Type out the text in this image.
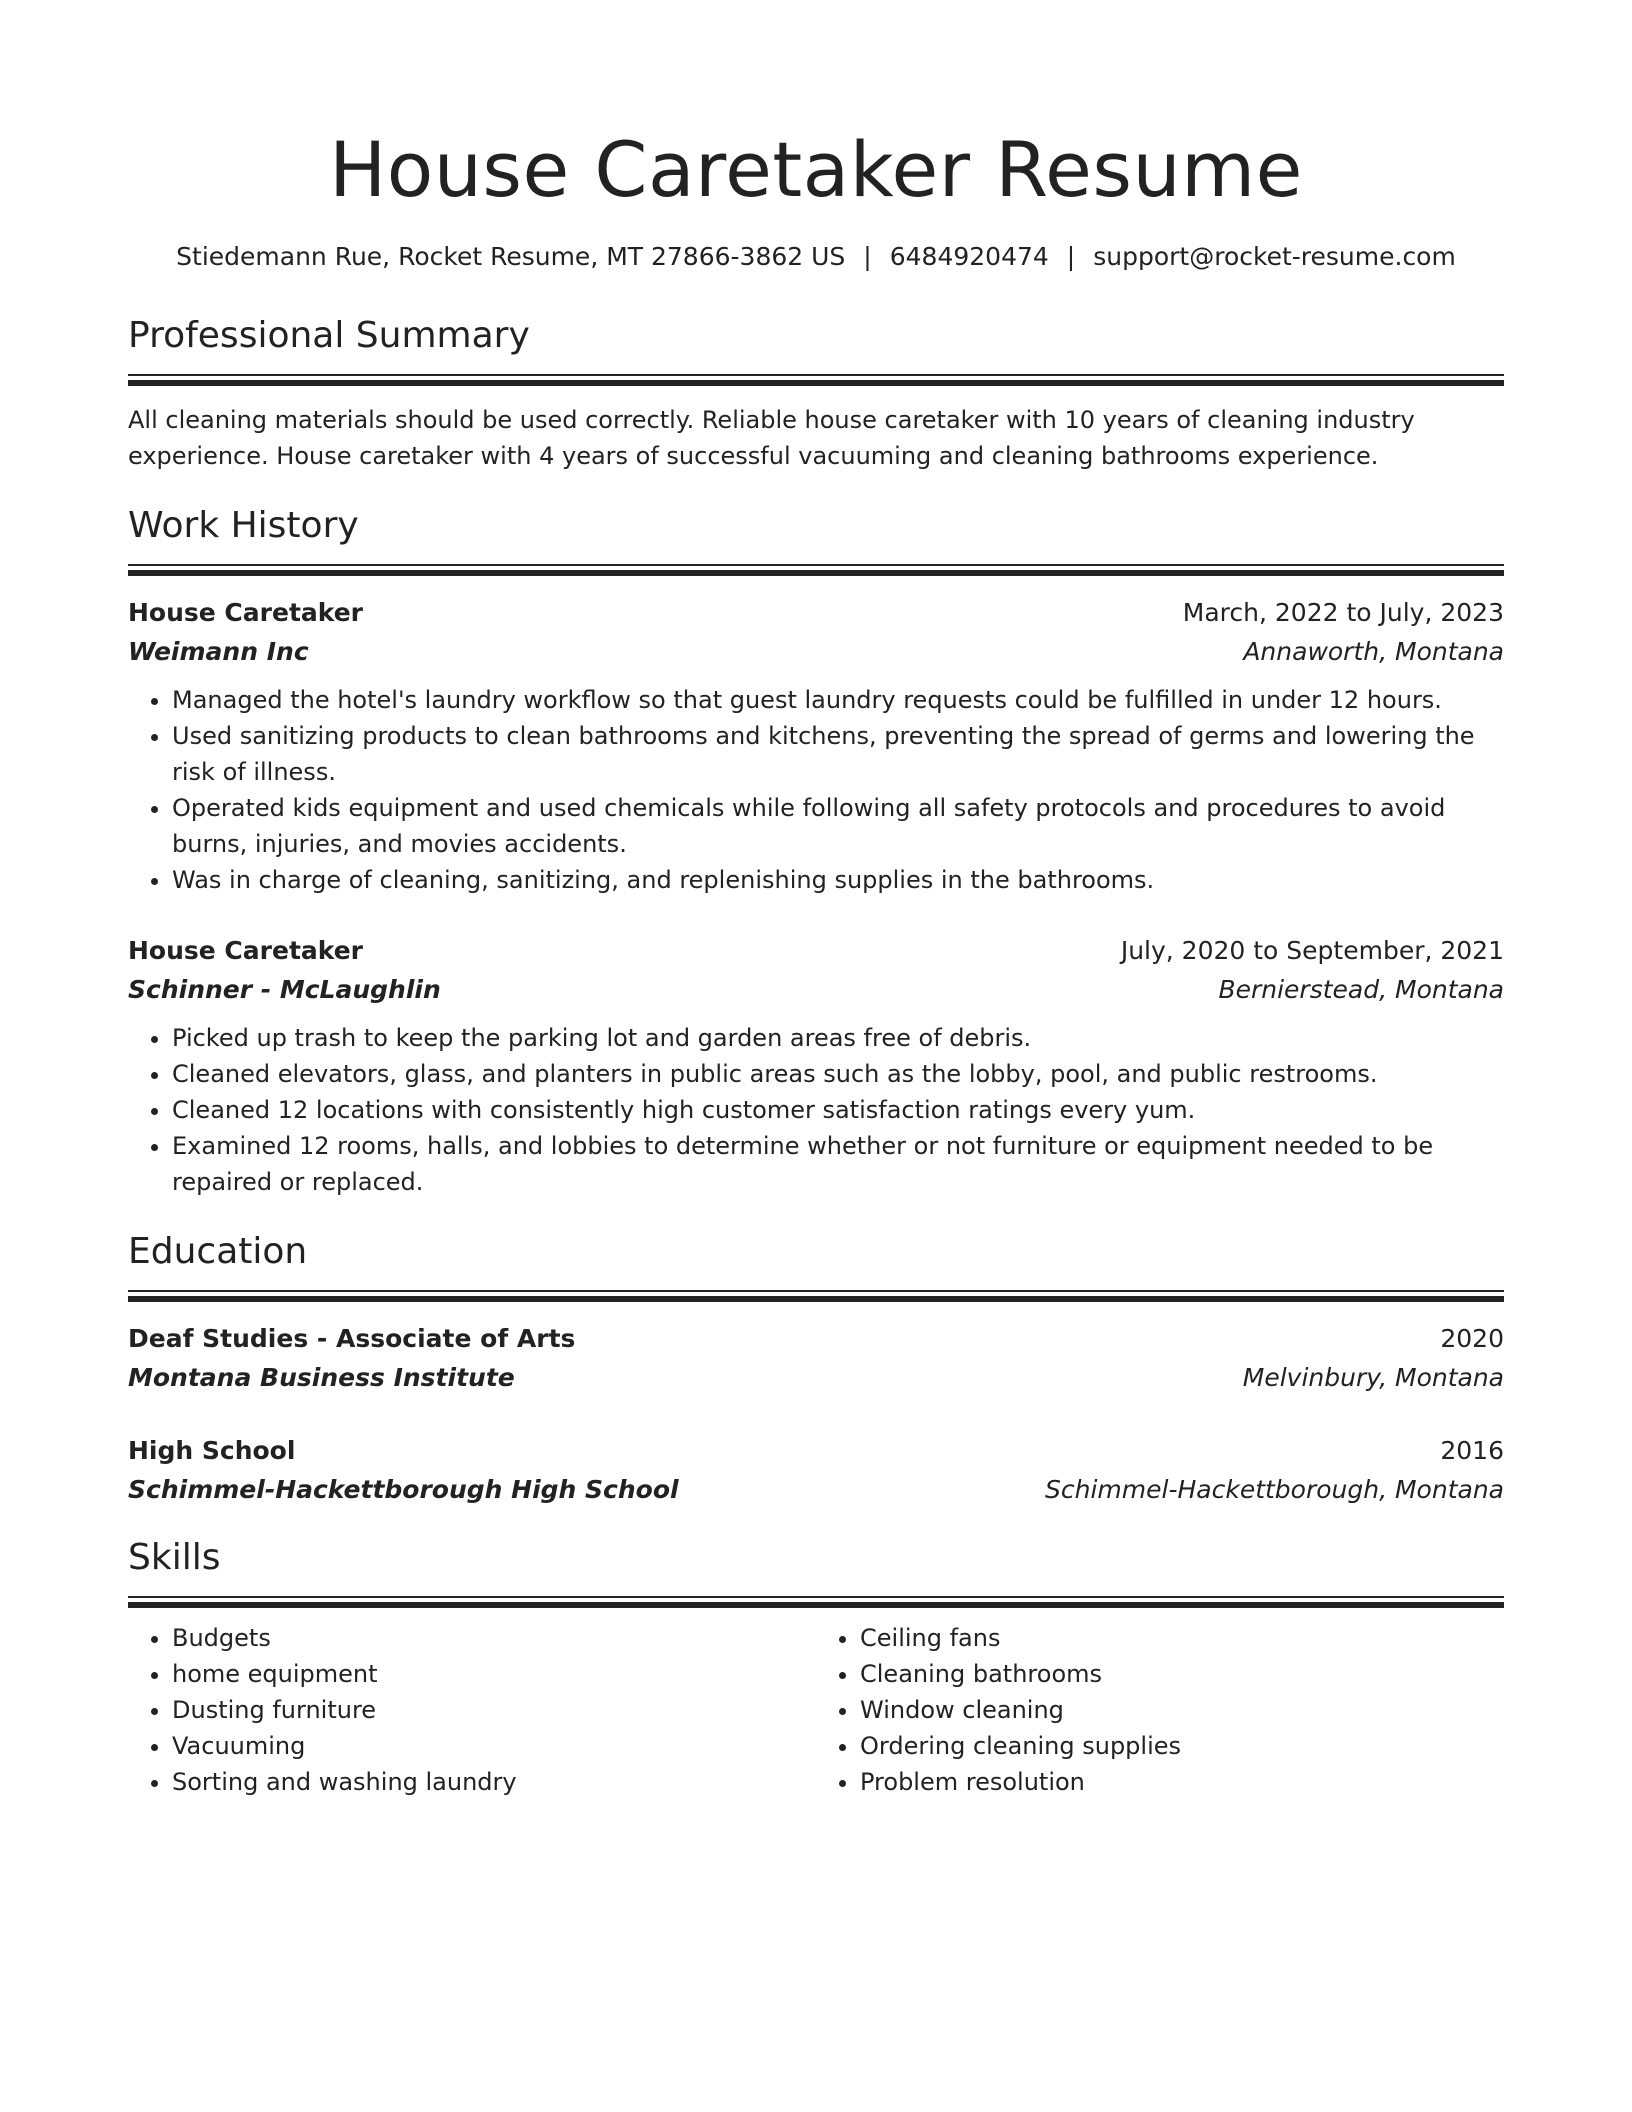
House Caretaker Resume
Stiedemann Rue, Rocket Resume, MT 27866-3862 US | 6484920474 | support@rocket-resume.com
Professional Summary
All cleaning materials should be used correctly. Reliable house caretaker with 10 years of cleaning industry experience. House caretaker with 4 years of successful vacuuming and cleaning bathrooms experience.
Work History
House Caretaker	March, 2022 to July, 2023
Weimann Inc	Annaworth, Montana
• Managed the hotel's laundry workflow so that guest laundry requests could be fulfilled in under 12 hours.
• Used sanitizing products to clean bathrooms and kitchens, preventing the spread of germs and lowering the risk of illness.
• Operated kids equipment and used chemicals while following all safety protocols and procedures to avoid burns, injuries, and movies accidents.
• Was in charge of cleaning, sanitizing, and replenishing supplies in the bathrooms.
House Caretaker	July, 2020 to September, 2021
Schinner - McLaughlin	Bernierstead, Montana
• Picked up trash to keep the parking lot and garden areas free of debris.
• Cleaned elevators, glass, and planters in public areas such as the lobby, pool, and public restrooms.
• Cleaned 12 locations with consistently high customer satisfaction ratings every yum.
• Examined 12 rooms, halls, and lobbies to determine whether or not furniture or equipment needed to be repaired or replaced.
Education
Deaf Studies - Associate of Arts	2020
Montana Business Institute	Melvinbury, Montana
High School	2016
Schimmel-Hackettborough High School	Schimmel-Hackettborough, Montana
Skills
• Budgets
• home equipment
• Dusting furniture
• Vacuuming
• Sorting and washing laundry
• Ceiling fans
• Cleaning bathrooms
• Window cleaning
• Ordering cleaning supplies
• Problem resolution
